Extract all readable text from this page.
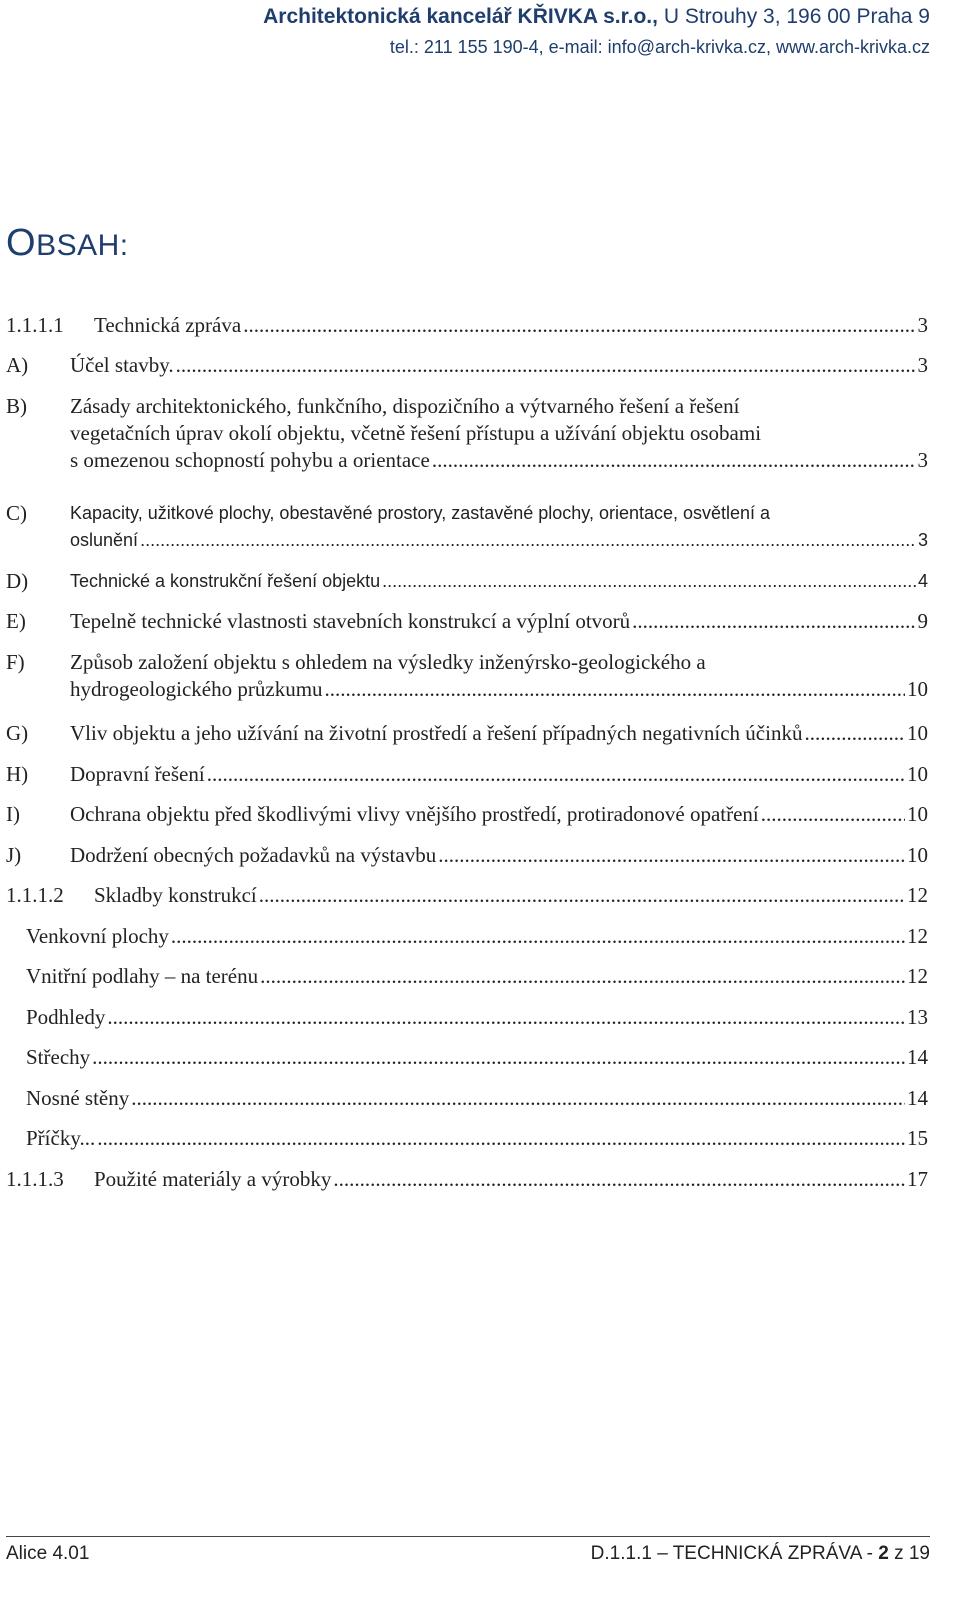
Architektonická kancelář KŘIVKA s.r.o., U Strouhy 3, 196 00 Praha 9
tel.: 211 155 190-4, e-mail: info@arch-krivka.cz, www.arch-krivka.cz
OBSAH:
1.1.1.1 Technická zpráva .....	3
A) Účel stavby. .....	3
B) Zásady architektonického, funkčního, dispozičního a výtvarného řešení a řešení
vegetačních úprav okolí objektu, včetně řešení přístupu a užívání objektu osobami
s omezenou schopností pohybu a orientace .....	3
C) Kapacity, užitkové plochy, obestavěné prostory, zastavěné plochy, orientace, osvětlení a
oslunění .....	3
D) Technické a konstrukční řešení objektu .....	4
E) Tepelně technické vlastnosti stavebních konstrukcí a výplní otvorů .....	9
F) Způsob založení objektu s ohledem na výsledky inženýrsko-geologického a
hydrogeologického průzkumu .....	10
G) Vliv objektu a jeho užívání na životní prostředí a řešení případných negativních účinků .....	10
H) Dopravní řešení .....	10
I) Ochrana objektu před škodlivými vlivy vnějšího prostředí, protiradonové opatření .....	10
J) Dodržení obecných požadavků na výstavbu .....	10
1.1.1.2 Skladby konstrukcí .....	12
Venkovní plochy .....	12
Vnitřní podlahy – na terénu .....	12
Podhledy .....	13
Střechy .....	14
Nosné stěny .....	14
Příčky... .....	15
1.1.1.3 Použité materiály a výrobky .....	17
Alice 4.01	D.1.1.1 – TECHNICKÁ ZPRÁVA - 2 z 19
